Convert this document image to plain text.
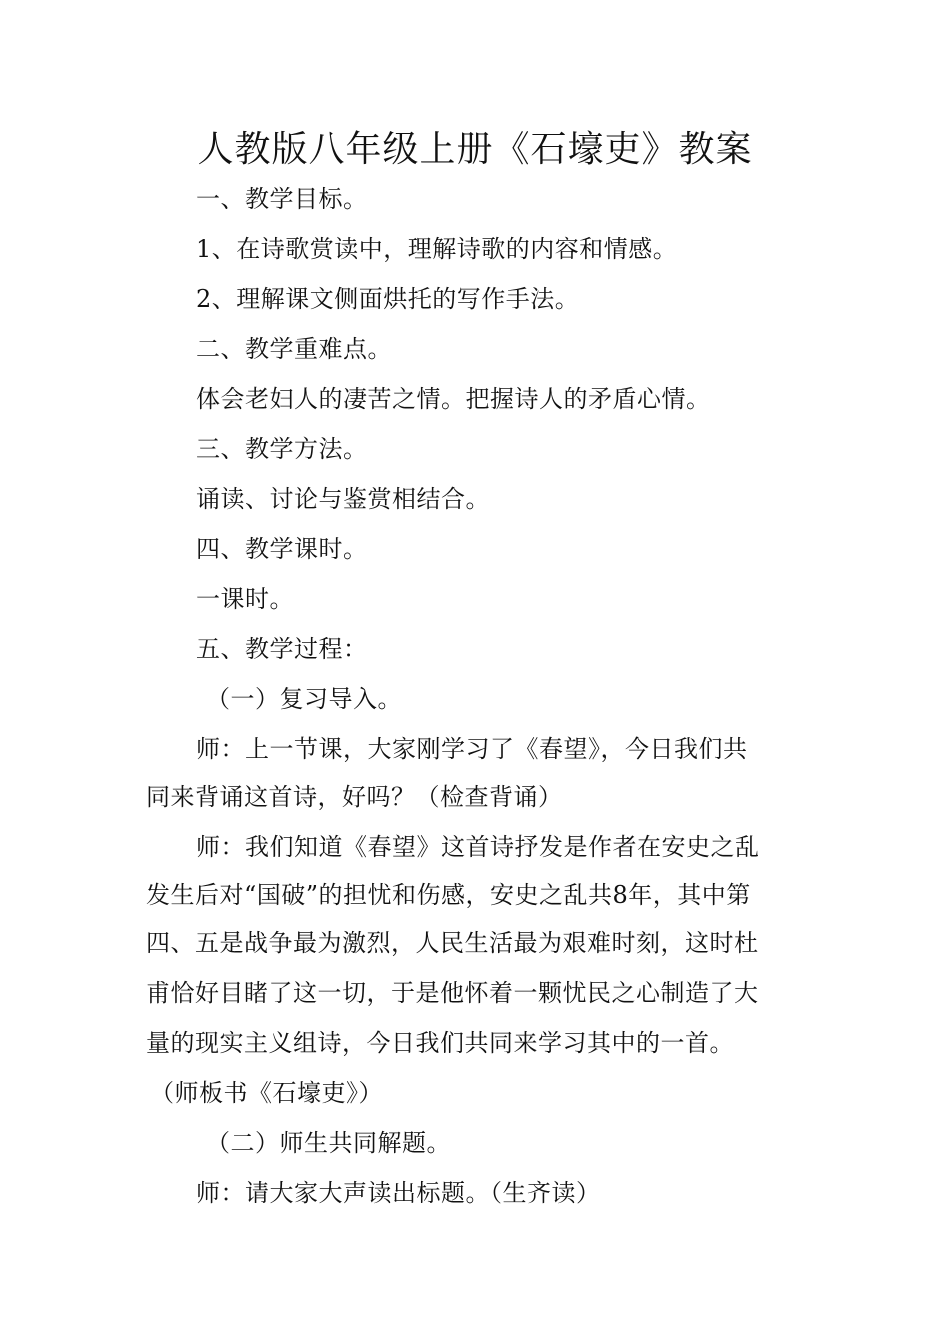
人教版八年级上册《石壕吏》教案
一、教学目标。
1、在诗歌赏读中，理解诗歌的内容和情感。
2、理解课文侧面烘托的写作手法。
二、教学重难点。
体会老妇人的凄苦之情。把握诗人的矛盾心情。
三、教学方法。
诵读、讨论与鉴赏相结合。
四、教学课时。
一课时。
五、教学过程：
（一）复习导入。
师：上一节课，大家刚学习了《春望》，今日我们共
同来背诵这首诗，好吗？（检查背诵）
师：我们知道《春望》这首诗抒发是作者在安史之乱
发生后对“国破”的担忧和伤感，安史之乱共8年，其中第
四、五是战争最为激烈，人民生活最为艰难时刻，这时杜
甫恰好目睹了这一切，于是他怀着一颗忧民之心制造了大
量的现实主义组诗，今日我们共同来学习其中的一首。
（师板书《石壕吏》）
（二）师生共同解题。
师：请大家大声读出标题。（生齐读）
